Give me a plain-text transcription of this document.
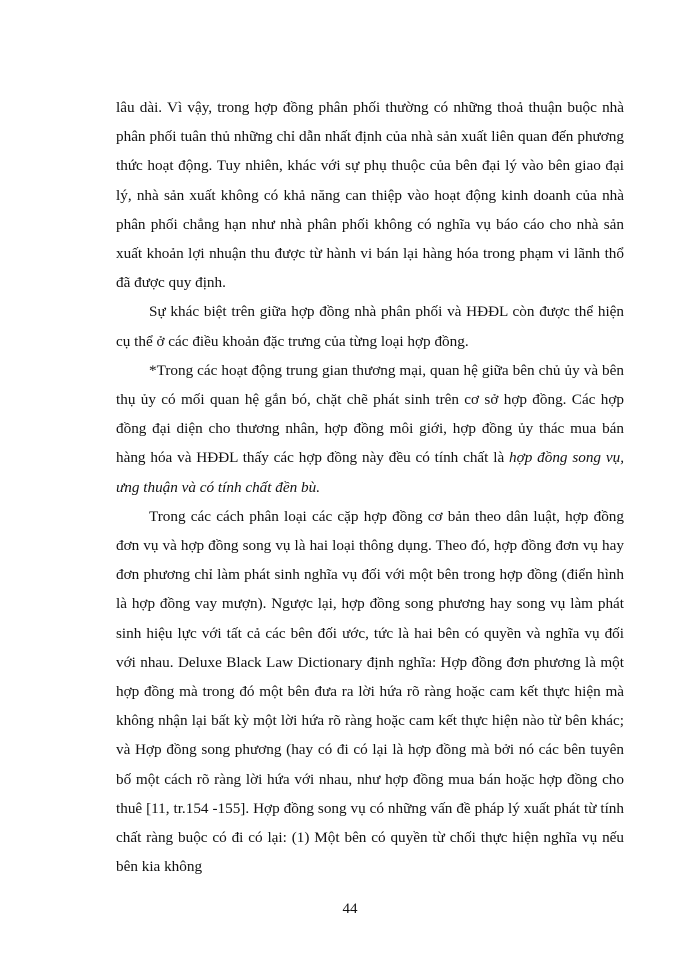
lâu dài. Vì vậy, trong hợp đồng phân phối thường có những thoả thuận buộc nhà phân phối tuân thủ những chỉ dẫn nhất định của nhà sản xuất liên quan đến phương thức hoạt động. Tuy nhiên, khác với sự phụ thuộc của bên đại lý vào bên giao đại lý, nhà sản xuất không có khả năng can thiệp vào hoạt động kinh doanh của nhà phân phối chẳng hạn như nhà phân phối không có nghĩa vụ báo cáo cho nhà sản xuất khoản lợi nhuận thu được từ hành vi bán lại hàng hóa trong phạm vi lãnh thổ đã được quy định.

Sự khác biệt trên giữa hợp đồng nhà phân phối và HĐĐL còn được thể hiện cụ thể ở các điều khoản đặc trưng của từng loại hợp đồng.

*Trong các hoạt động trung gian thương mại, quan hệ giữa bên chủ ủy và bên thụ ủy có mối quan hệ gắn bó, chặt chẽ phát sinh trên cơ sở hợp đồng. Các hợp đồng đại diện cho thương nhân, hợp đồng môi giới, hợp đồng ủy thác mua bán hàng hóa và HĐĐL thấy các hợp đồng này đều có tính chất là hợp đồng song vụ, ưng thuận và có tính chất đền bù.

Trong các cách phân loại các cặp hợp đồng cơ bản theo dân luật, hợp đồng đơn vụ và hợp đồng song vụ là hai loại thông dụng. Theo đó, hợp đồng đơn vụ hay đơn phương chỉ làm phát sinh nghĩa vụ đối với một bên trong hợp đồng (điển hình là hợp đồng vay mượn). Ngược lại, hợp đồng song phương hay song vụ làm phát sinh hiệu lực với tất cả các bên đối ước, tức là hai bên có quyền và nghĩa vụ đối với nhau. Deluxe Black Law Dictionary định nghĩa: Hợp đồng đơn phương là một hợp đồng mà trong đó một bên đưa ra lời hứa rõ ràng hoặc cam kết thực hiện mà không nhận lại bất kỳ một lời hứa rõ ràng hoặc cam kết thực hiện nào từ bên khác; và Hợp đồng song phương (hay có đi có lại là hợp đồng mà bởi nó các bên tuyên bố một cách rõ ràng lời hứa với nhau, như hợp đồng mua bán hoặc hợp đồng cho thuê [11, tr.154 -155]. Hợp đồng song vụ có những vấn đề pháp lý xuất phát từ tính chất ràng buộc có đi có lại: (1) Một bên có quyền từ chối thực hiện nghĩa vụ nếu bên kia không

44
